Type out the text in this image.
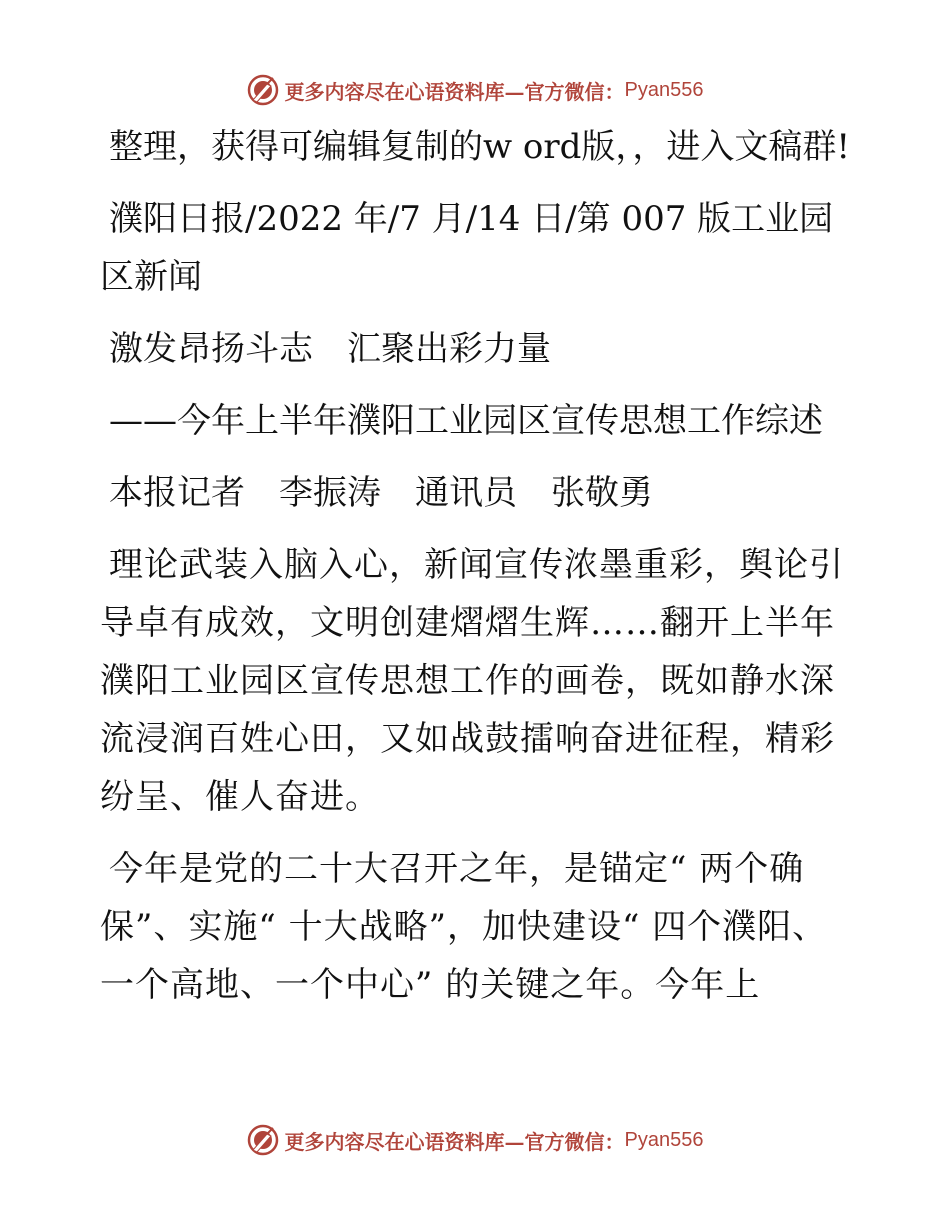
更多内容尽在心语资料库—官方微信： Pyan556

整理，获得可编辑复制的w ord版，，进入文稿群!

濮阳日报/2022 年/7 月/14 日/第 007 版工业园区新闻

激发昂扬斗志　汇聚出彩力量

——今年上半年濮阳工业园区宣传思想工作综述

本报记者　李振涛　通讯员　张敬勇

理论武装入脑入心，新闻宣传浓墨重彩，舆论引导卓有成效，文明创建熠熠生辉……翻开上半年濮阳工业园区宣传思想工作的画卷，既如静水深流浸润百姓心田，又如战鼓擂响奋进征程，精彩纷呈、催人奋进。

今年是党的二十大召开之年，是锚定“ 两个确保”、实施“ 十大战略”，加快建设“ 四个濮阳、一个高地、一个中心” 的关键之年。今年上

更多内容尽在心语资料库—官方微信： Pyan556
